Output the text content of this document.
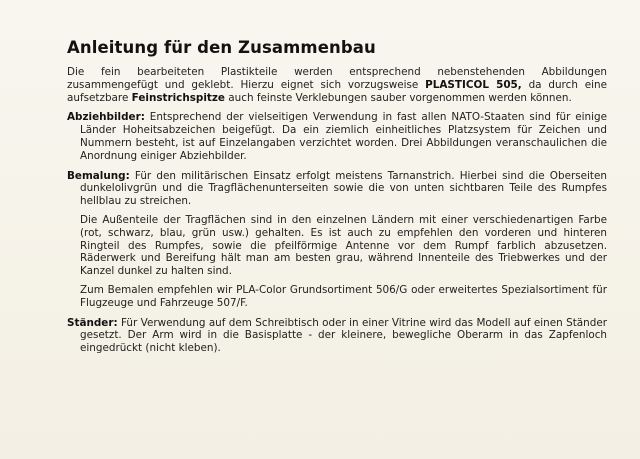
Anleitung für den Zusammenbau

Die fein bearbeiteten Plastikteile werden entsprechend nebenstehenden Abbildungen zusammengefügt und geklebt. Hierzu eignet sich vorzugsweise PLASTICOL 505, da durch eine aufsetzbare Feinstrichspitze auch feinste Verklebungen sauber vorgenommen werden können.

Abziehbilder: Entsprechend der vielseitigen Verwendung in fast allen NATO-Staaten sind für einige Länder Hoheitsabzeichen beigefügt. Da ein ziemlich einheitliches Platzsystem für Zeichen und Nummern besteht, ist auf Einzelangaben verzichtet worden. Drei Abbildungen veranschaulichen die Anordnung einiger Abziehbilder.

Bemalung: Für den militärischen Einsatz erfolgt meistens Tarnanstrich. Hierbei sind die Oberseiten dunkelolivgrün und die Tragflächenunterseiten sowie die von unten sichtbaren Teile des Rumpfes hellblau zu streichen.

Die Außenteile der Tragflächen sind in den einzelnen Ländern mit einer verschiedenartigen Farbe (rot, schwarz, blau, grün usw.) gehalten. Es ist auch zu empfehlen den vorderen und hinteren Ringteil des Rumpfes, sowie die pfeilförmige Antenne vor dem Rumpf farblich abzusetzen. Räderwerk und Bereifung hält man am besten grau, während Innenteile des Triebwerkes und der Kanzel dunkel zu halten sind.

Zum Bemalen empfehlen wir PLA-Color Grundsortiment 506/G oder erweitertes Spezialsortiment für Flugzeuge und Fahrzeuge 507/F.

Ständer: Für Verwendung auf dem Schreibtisch oder in einer Vitrine wird das Modell auf einen Ständer gesetzt. Der Arm wird in die Basisplatte - der kleinere, bewegliche Oberarm in das Zapfenloch eingedrückt (nicht kleben).
